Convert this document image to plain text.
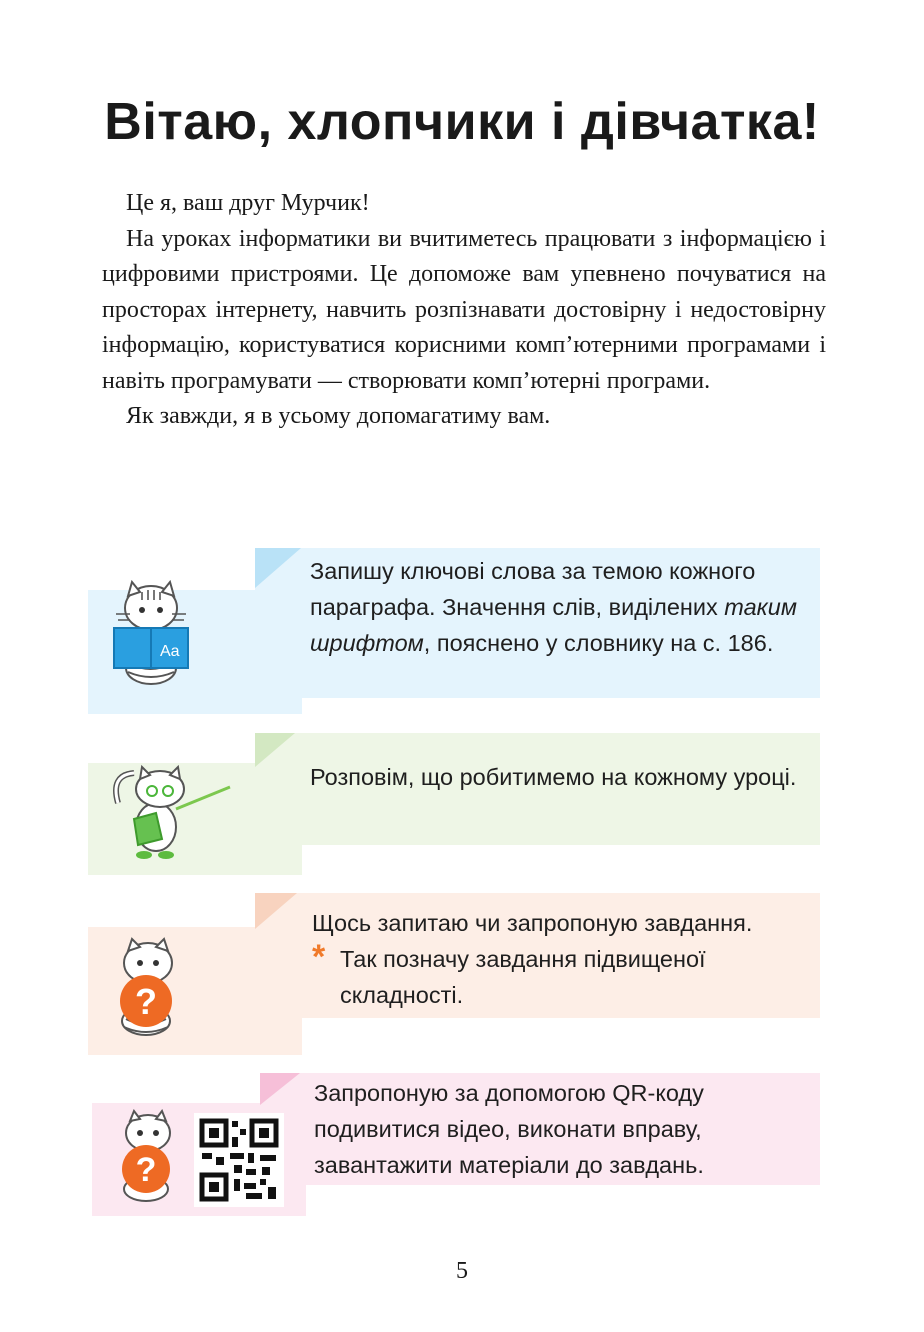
Вітаю, хлопчики і дівчатка!

Це я, ваш друг Мурчик!

На уроках інформатики ви вчитиметесь працювати з інформацією і цифровими пристроями. Це допоможе вам упевнено почуватися на просторах інтернету, навчить розпізнавати достовірну і недостовірну інформацію, користуватися корисними комп’ютерними програмами і навіть програмувати — створювати комп’ютерні програми.

Як завжди, я в усьому допомагатиму вам.

Aa
Запишу ключові слова за темою кожного параграфа. Значення слів, виділених таким шрифтом, пояснено у словнику на с. 186.
Розповім, що робитимемо на кожному уроці.
?
Щось запитаю чи запропоную завдання.
* Так позначу завдання підвищеної складності.
?
Запропоную за допомогою QR-коду подивитися відео, виконати вправу, завантажити матеріали до завдань.
5
